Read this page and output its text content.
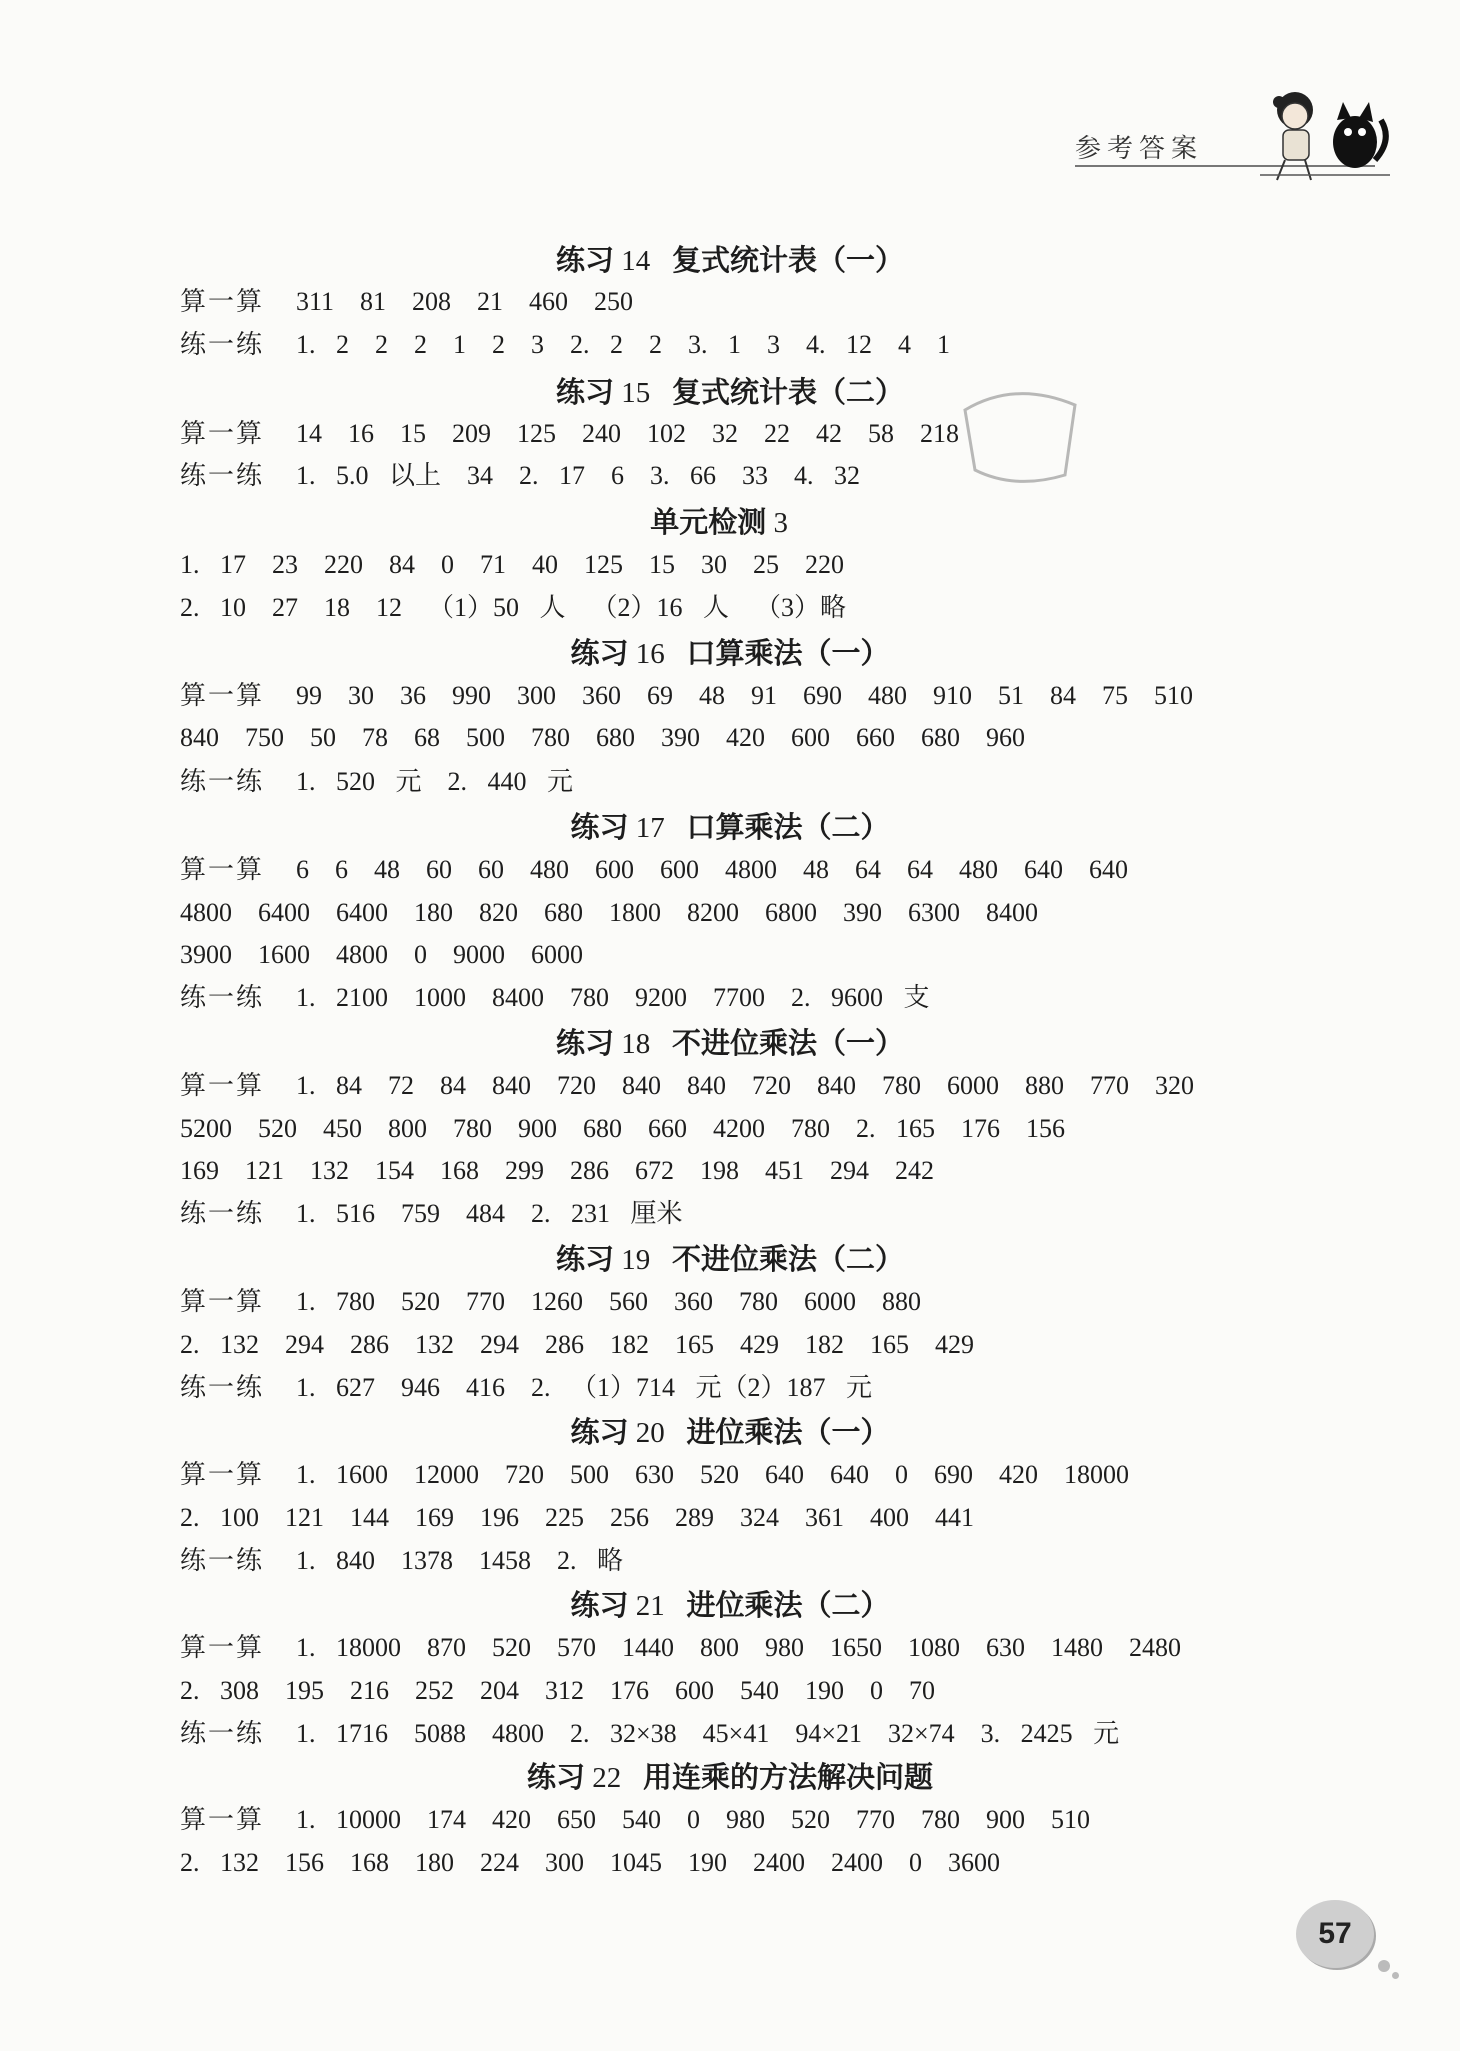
参考答案
练习 14   复式统计表（一）
算一算 311 81 208 21 460 250
练一练 1. 2 2 2 1 2 3 2. 2 2 3. 1 3 4. 12 4 1
练习 15   复式统计表（二）
算一算 14 16 15 209 125 240 102 32 22 42 58 218
练一练 1. 5.0 以上 34 2. 17 6 3. 66 33 4. 32
单元检测 3
1. 17 23 220 84 0 71 40 125 15 30 25 220
2. 10 27 18 12 （1）50 人 （2）16 人 （3）略
练习 16   口算乘法（一）
算一算 99 30 36 990 300 360 69 48 91 690 480 910 51 84 75 510
840 750 50 78 68 500 780 680 390 420 600 660 680 960
练一练 1. 520 元 2. 440 元
练习 17   口算乘法（二）
算一算 6 6 48 60 60 480 600 600 4800 48 64 64 480 640 640
4800 6400 6400 180 820 680 1800 8200 6800 390 6300 8400
3900 1600 4800 0 9000 6000
练一练 1. 2100 1000 8400 780 9200 7700 2. 9600 支
练习 18   不进位乘法（一）
算一算 1. 84 72 84 840 720 840 840 720 840 780 6000 880 770 320
5200 520 450 800 780 900 680 660 4200 780 2. 165 176 156
169 121 132 154 168 299 286 672 198 451 294 242
练一练 1. 516 759 484 2. 231 厘米
练习 19   不进位乘法（二）
算一算 1. 780 520 770 1260 560 360 780 6000 880
2. 132 294 286 132 294 286 182 165 429 182 165 429
练一练 1. 627 946 416 2. （1）714 元（2）187 元
练习 20   进位乘法（一）
算一算 1. 1600 12000 720 500 630 520 640 640 0 690 420 18000
2. 100 121 144 169 196 225 256 289 324 361 400 441
练一练 1. 840 1378 1458 2. 略
练习 21   进位乘法（二）
算一算 1. 18000 870 520 570 1440 800 980 1650 1080 630 1480 2480
2. 308 195 216 252 204 312 176 600 540 190 0 70
练一练 1. 1716 5088 4800 2. 32×38 45×41 94×21 32×74 3. 2425 元
练习 22   用连乘的方法解决问题
算一算 1. 10000 174 420 650 540 0 980 520 770 780 900 510
2. 132 156 168 180 224 300 1045 190 2400 2400 0 3600
57
